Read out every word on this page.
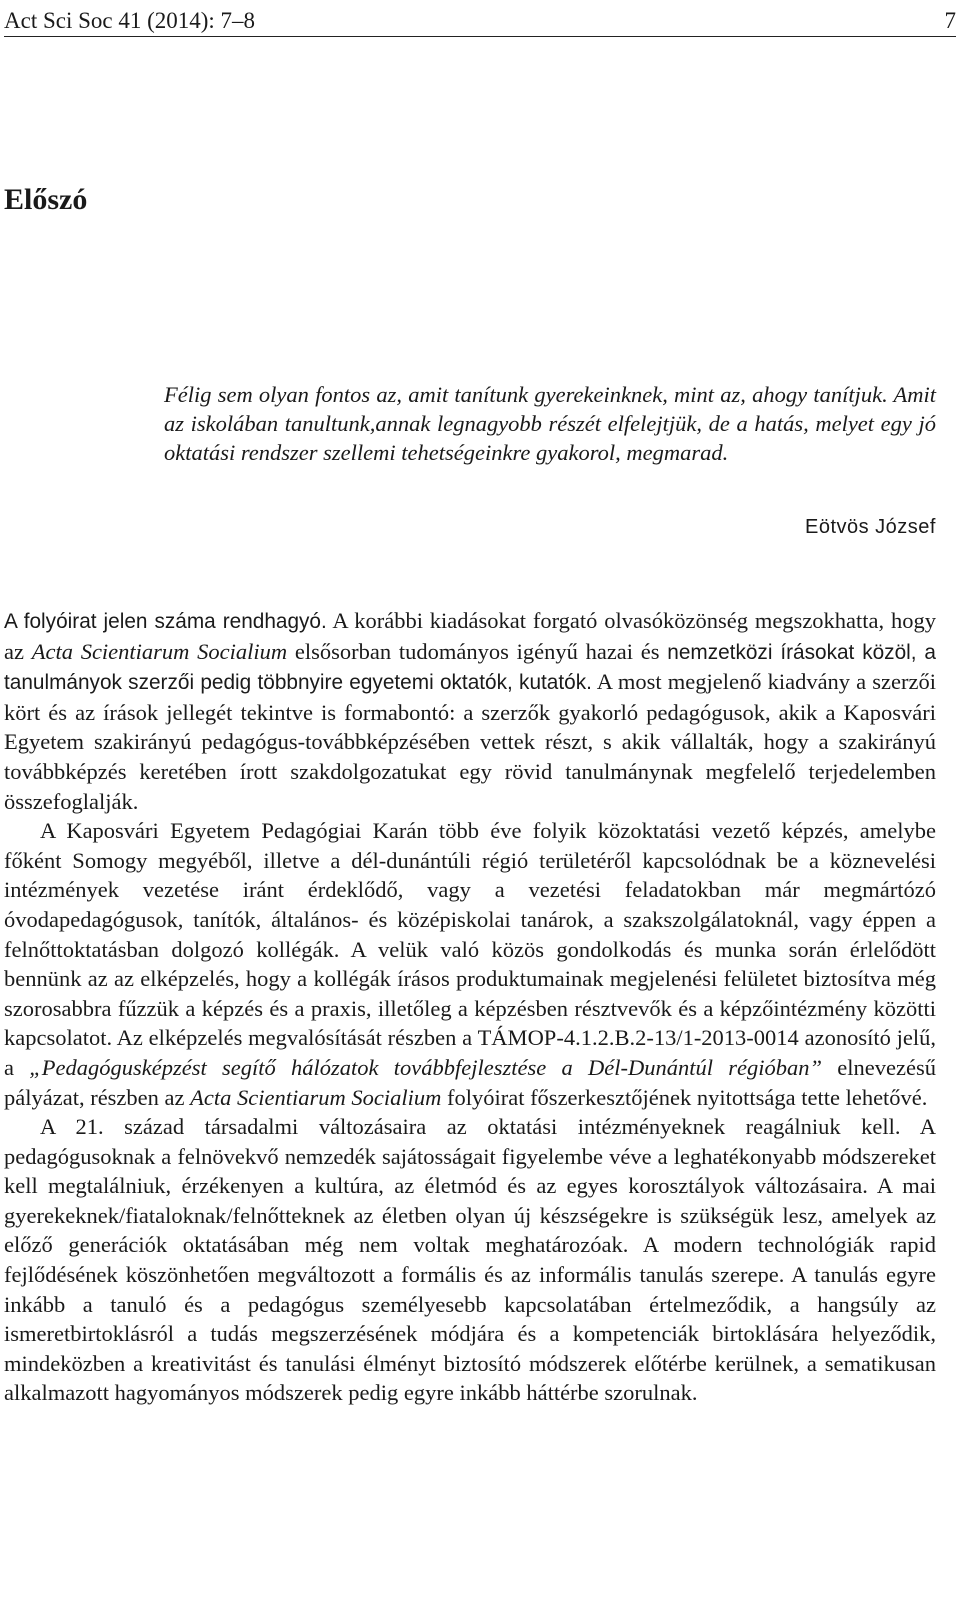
Act Sci Soc 41 (2014): 7–8	7
Előszó
Félig sem olyan fontos az, amit tanítunk gyerekeinknek, mint az, ahogy tanítjuk. Amit az iskolában tanultunk,annak legnagyobb részét elfelejtjük, de a hatás, melyet egy jó oktatási rendszer szellemi tehetségeinkre gyakorol, megmarad.
Eötvös József

A folyóirat jelen száma rendhagyó. A korábbi kiadásokat forgató olvasóközönség megszokhatta, hogy az Acta Scientiarum Socialium elsősorban tudományos igényű hazai és nemzetközi írásokat közöl, a tanulmányok szerzői pedig többnyire egyetemi oktatók, kutatók. A most megjelenő kiadvány a szerzői kört és az írások jellegét tekintve is formabontó: a szerzők gyakorló pedagógusok, akik a Kaposvári Egyetem szakirányú pedagógus-továbbképzésében vettek részt, s akik vállalták, hogy a szakirányú továbbképzés keretében írott szakdolgozatukat egy rövid tanulmánynak megfelelő terjedelemben összefoglalják.

A Kaposvári Egyetem Pedagógiai Karán több éve folyik közoktatási vezető képzés, amelybe főként Somogy megyéből, illetve a dél-dunántúli régió területéről kapcsolódnak be a köznevelési intézmények vezetése iránt érdeklődő, vagy a vezetési feladatokban már megmártózó óvodapedagógusok, tanítók, általános- és középiskolai tanárok, a szakszolgálatoknál, vagy éppen a felnőttoktatásban dolgozó kollégák. A velük való közös gondolkodás és munka során érlelődött bennünk az az elképzelés, hogy a kollégák írásos produktumainak megjelenési felületet biztosítva még szorosabbra fűzzük a képzés és a praxis, illetőleg a képzésben résztvevők és a képzőintézmény közötti kapcsolatot. Az elképzelés megvalósítását részben a TÁMOP-4.1.2.B.2-13/1-2013-0014 azonosító jelű, a „Pedagógusképzést segítő hálózatok továbbfejlesztése a Dél-Dunántúl régióban” elnevezésű pályázat, részben az Acta Scientiarum Socialium folyóirat főszerkesztőjének nyitottsága tette lehetővé.

A 21. század társadalmi változásaira az oktatási intézményeknek reagálniuk kell. A pedagógusoknak a felnövekvő nemzedék sajátosságait figyelembe véve a leghatékonyabb módszereket kell megtalálniuk, érzékenyen a kultúra, az életmód és az egyes korosztályok változásaira. A mai gyerekeknek/fiataloknak/felnőtteknek az életben olyan új készségekre is szükségük lesz, amelyek az előző generációk oktatásában még nem voltak meghatározóak. A modern technológiák rapid fejlődésének köszönhetően megváltozott a formális és az informális tanulás szerepe. A tanulás egyre inkább a tanuló és a pedagógus személyesebb kapcsolatában értelmeződik, a hangsúly az ismeretbirtoklásról a tudás megszerzésének módjára és a kompetenciák birtoklására helyeződik, mindeközben a kreativitást és tanulási élményt biztosító módszerek előtérbe kerülnek, a sematikusan alkalmazott hagyományos módszerek pedig egyre inkább háttérbe szorulnak.
